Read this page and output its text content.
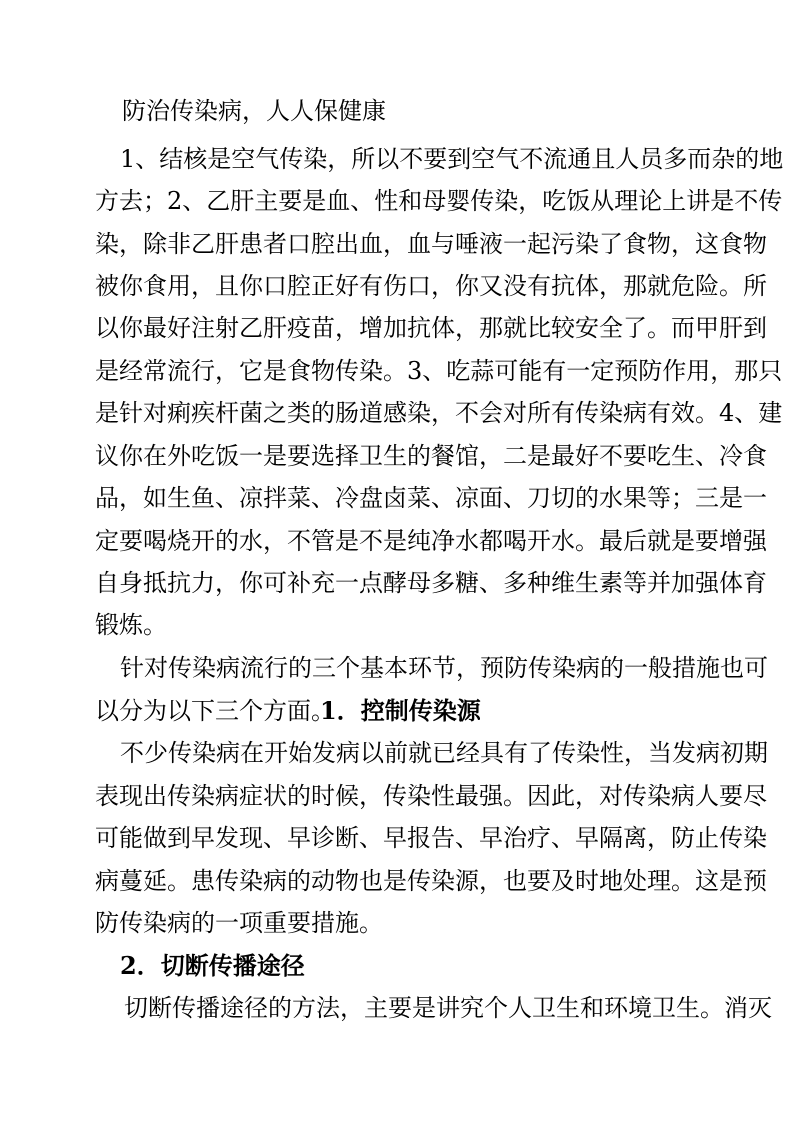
防治传染病，人人保健康
1、结核是空气传染，所以不要到空气不流通且人员多而杂的地
方去；2、乙肝主要是血、性和母婴传染，吃饭从理论上讲是不传
染，除非乙肝患者口腔出血，血与唾液一起污染了食物，这食物
被你食用，且你口腔正好有伤口，你又没有抗体，那就危险。所
以你最好注射乙肝疫苗，增加抗体，那就比较安全了。而甲肝到
是经常流行，它是食物传染。3、吃蒜可能有一定预防作用，那只
是针对痢疾杆菌之类的肠道感染，不会对所有传染病有效。4、建
议你在外吃饭一是要选择卫生的餐馆，二是最好不要吃生、冷食
品，如生鱼、凉拌菜、冷盘卤菜、凉面、刀切的水果等；三是一
定要喝烧开的水，不管是不是纯净水都喝开水。最后就是要增强
自身抵抗力，你可补充一点酵母多糖、多种维生素等并加强体育
锻炼。
针对传染病流行的三个基本环节，预防传染病的一般措施也可
以分为以下三个方面。
1．控制传染源
不少传染病在开始发病以前就已经具有了传染性，当发病初期
表现出传染病症状的时候，传染性最强。因此，对传染病人要尽
可能做到早发现、早诊断、早报告、早治疗、早隔离，防止传染
病蔓延。患传染病的动物也是传染源，也要及时地处理。这是预
防传染病的一项重要措施。
2．切断传播途径
切断传播途径的方法，主要是讲究个人卫生和环境卫生。消灭
